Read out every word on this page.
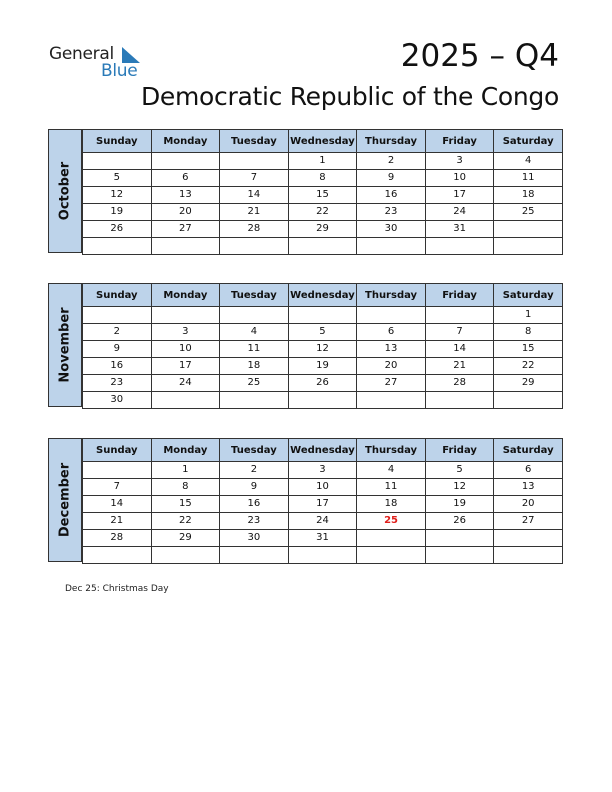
General
Blue	2025 – Q4
Democratic Republic of the Congo
October
Sunday	Monday	Tuesday	Wednesday	Thursday	Friday	Saturday
			1	2	3	4
5	6	7	8	9	10	11
12	13	14	15	16	17	18
19	20	21	22	23	24	25
26	27	28	29	30	31	

November
Sunday	Monday	Tuesday	Wednesday	Thursday	Friday	Saturday
						1
2	3	4	5	6	7	8
9	10	11	12	13	14	15
16	17	18	19	20	21	22
23	24	25	26	27	28	29
30						
December
Sunday	Monday	Tuesday	Wednesday	Thursday	Friday	Saturday
	1	2	3	4	5	6
7	8	9	10	11	12	13
14	15	16	17	18	19	20
21	22	23	24	25	26	27
28	29	30	31			

Dec 25: Christmas Day
